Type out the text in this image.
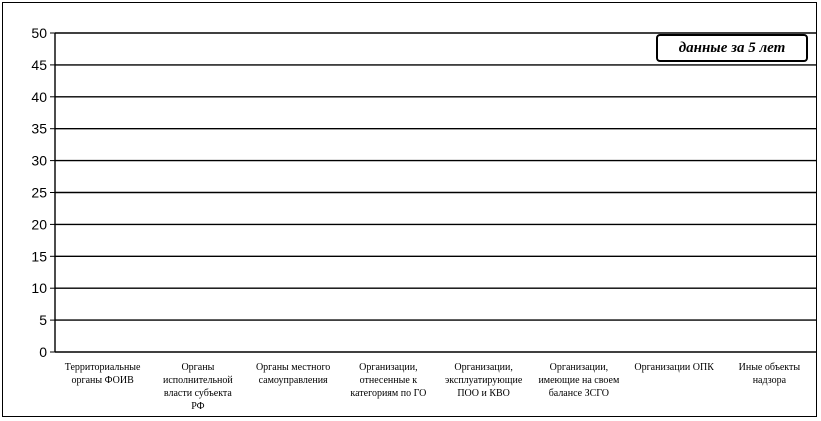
0
5
10
15
20
25
30
35
40
45
50
Территориальные органы ФОИВ
Органы исполнительной власти субъекта РФ
Органы местного самоуправления
Организации, отнесенные к категориям по ГО
Организации, эксплуатирующие ПОО и КВО
Организации, имеющие на своем балансе ЗСГО
Организации ОПК Иные объекты надзора
данные за 5 лет
